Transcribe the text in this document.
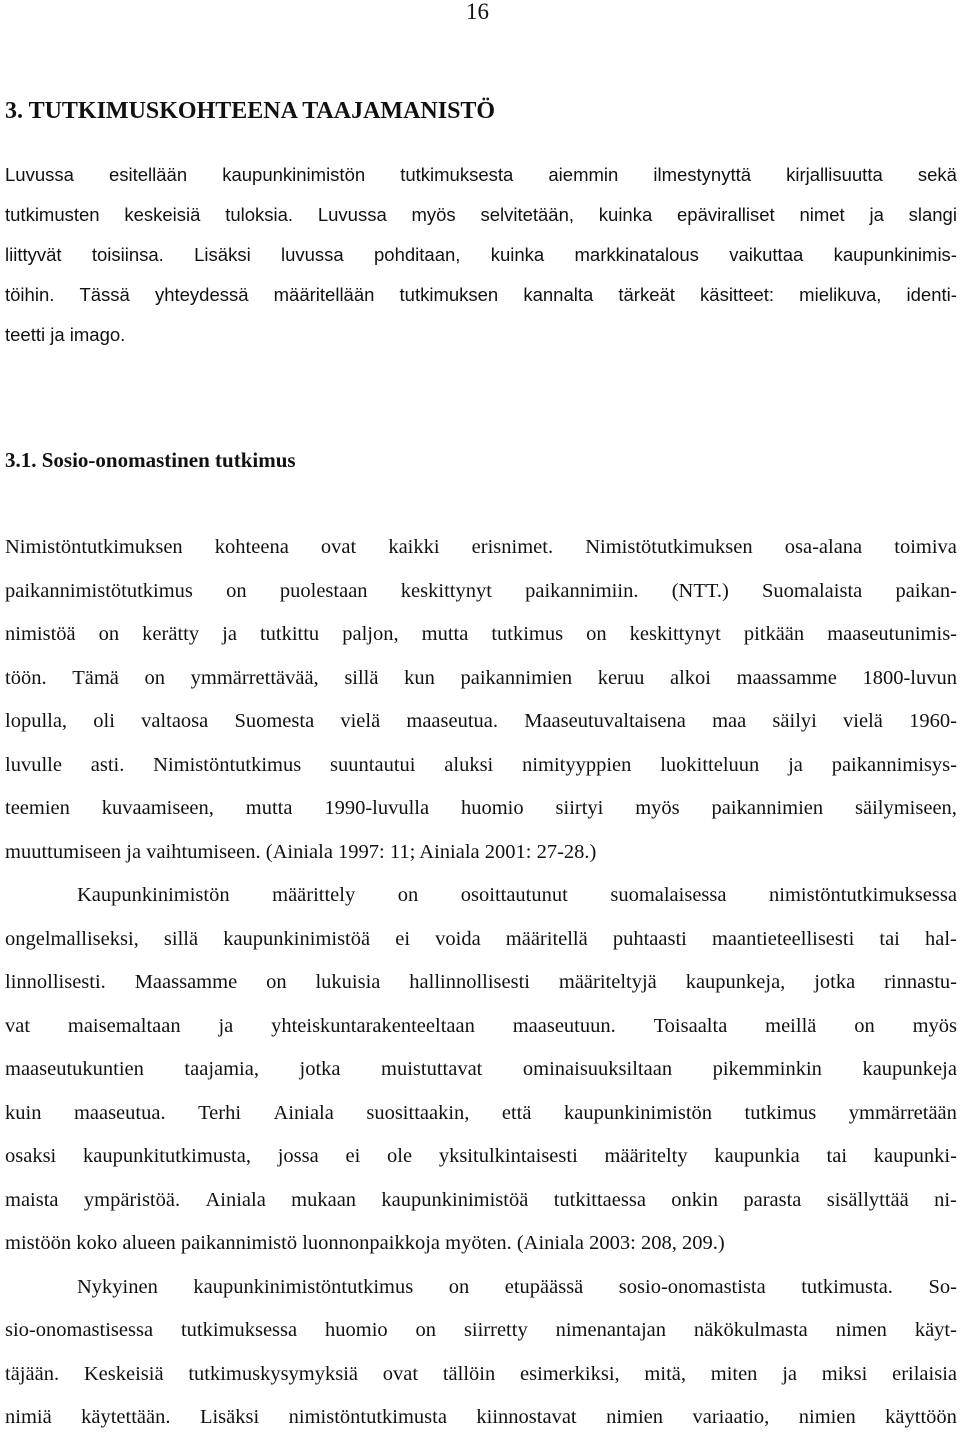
16
3. TUTKIMUSKOHTEENA TAAJAMANISTÖ
Luvussa esitellään kaupunkinimistön tutkimuksesta aiemmin ilmestynyttä kirjallisuutta sekä
tutkimusten keskeisiä tuloksia. Luvussa myös selvitetään, kuinka epäviralliset nimet ja slangi
liittyvät toisiinsa. Lisäksi luvussa pohditaan, kuinka markkinatalous vaikuttaa kaupunkinimis-
töihin. Tässä yhteydessä määritellään tutkimuksen kannalta tärkeät käsitteet: mielikuva, identi-
teetti ja imago.
3.1. Sosio-onomastinen tutkimus
Nimistöntutkimuksen kohteena ovat kaikki erisnimet. Nimistötutkimuksen osa-alana toimiva
paikannimistötutkimus on puolestaan keskittynyt paikannimiin. (NTT.) Suomalaista paikan-
nimistöä on kerätty ja tutkittu paljon, mutta tutkimus on keskittynyt pitkään maaseutunimis-
töön. Tämä on ymmärrettävää, sillä kun paikannimien keruu alkoi maassamme 1800-luvun
lopulla, oli valtaosa Suomesta vielä maaseutua. Maaseutuvaltaisena maa säilyi vielä 1960-
luvulle asti. Nimistöntutkimus suuntautui aluksi nimityyppien luokitteluun ja paikannimisys-
teemien kuvaamiseen, mutta 1990-luvulla huomio siirtyi myös paikannimien säilymiseen,
muuttumiseen ja vaihtumiseen. (Ainiala 1997: 11; Ainiala 2001: 27-28.)
Kaupunkinimistön määrittely on osoittautunut suomalaisessa nimistöntutkimuksessa
ongelmalliseksi, sillä kaupunkinimistöä ei voida määritellä puhtaasti maantieteellisesti tai hal-
linnollisesti. Maassamme on lukuisia hallinnollisesti määriteltyjä kaupunkeja, jotka rinnastu-
vat maisemaltaan ja yhteiskuntarakenteeltaan maaseutuun. Toisaalta meillä on myös
maaseutukuntien taajamia, jotka muistuttavat ominaisuuksiltaan pikemminkin kaupunkeja
kuin maaseutua. Terhi Ainiala suosittaakin, että kaupunkinimistön tutkimus ymmärretään
osaksi kaupunkitutkimusta, jossa ei ole yksitulkintaisesti määritelty kaupunkia tai kaupunki-
maista ympäristöä. Ainiala mukaan kaupunkinimistöä tutkittaessa onkin parasta sisällyttää ni-
mistöön koko alueen paikannimistö luonnonpaikkoja myöten. (Ainiala 2003: 208, 209.)
Nykyinen kaupunkinimistöntutkimus on etupäässä sosio-onomastista tutkimusta. So-
sio-onomastisessa tutkimuksessa huomio on siirretty nimenantajan näkökulmasta nimen käyt-
täjään. Keskeisiä tutkimuskysymyksiä ovat tällöin esimerkiksi, mitä, miten ja miksi erilaisia
nimiä käytettään. Lisäksi nimistöntutkimusta kiinnostavat nimien variaatio, nimien käyttöön
